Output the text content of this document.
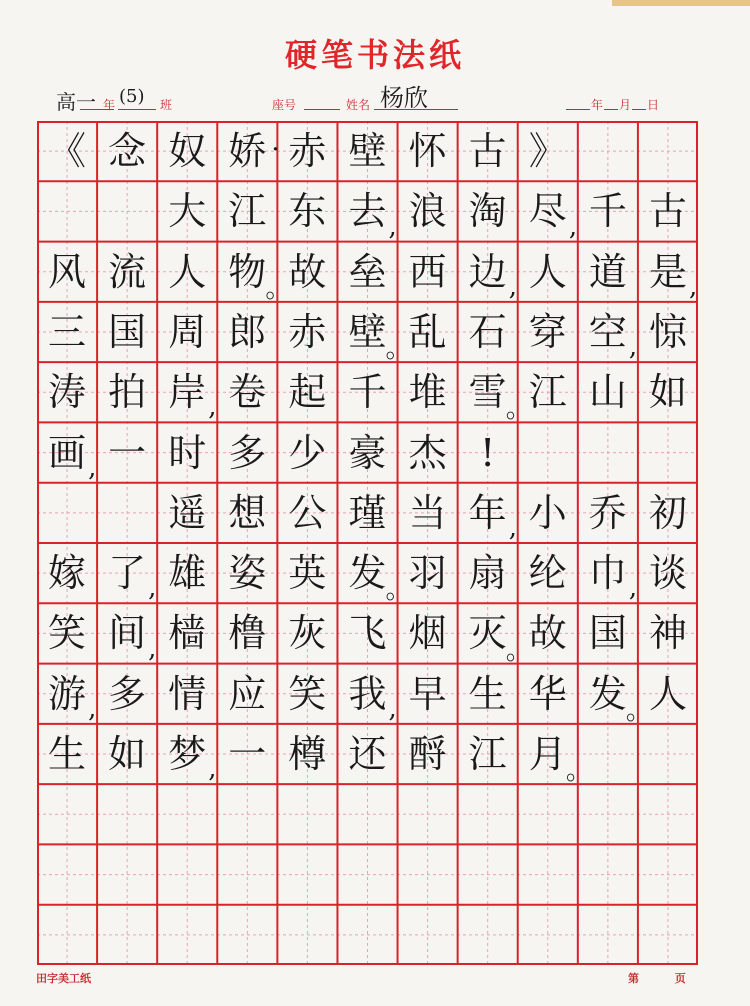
硬笔书法纸
高一 年 (5) 班	座号	姓名 杨欣	年 月 日
《 念 奴 娇 赤 壁 怀 古 》
大 江 东 去 浪 淘 尽 千 古
风 流 人 物 故 垒 西 边 人 道 是
三 国 周 郎 赤 壁 乱 石 穿 空 惊
涛 拍 岸 卷 起 千 堆 雪 江 山 如
画 一 时 多 少 豪 杰 !
遥 想 公 瑾 当 年 小 乔 初
嫁 了 雄 姿 英 发 羽 扇 纶 巾 谈
笑 间 樯 橹 灰 飞 烟 灭 故 国 神
游 多 情 应 笑 我 早 生 华 发 人
生 如 梦 一 樽 还 酹 江 月
·
,	,
。	,	,
。	,
,	。
,
,
,	。	,
,	。
,	,	。
,	。
田字美工纸	第	页
